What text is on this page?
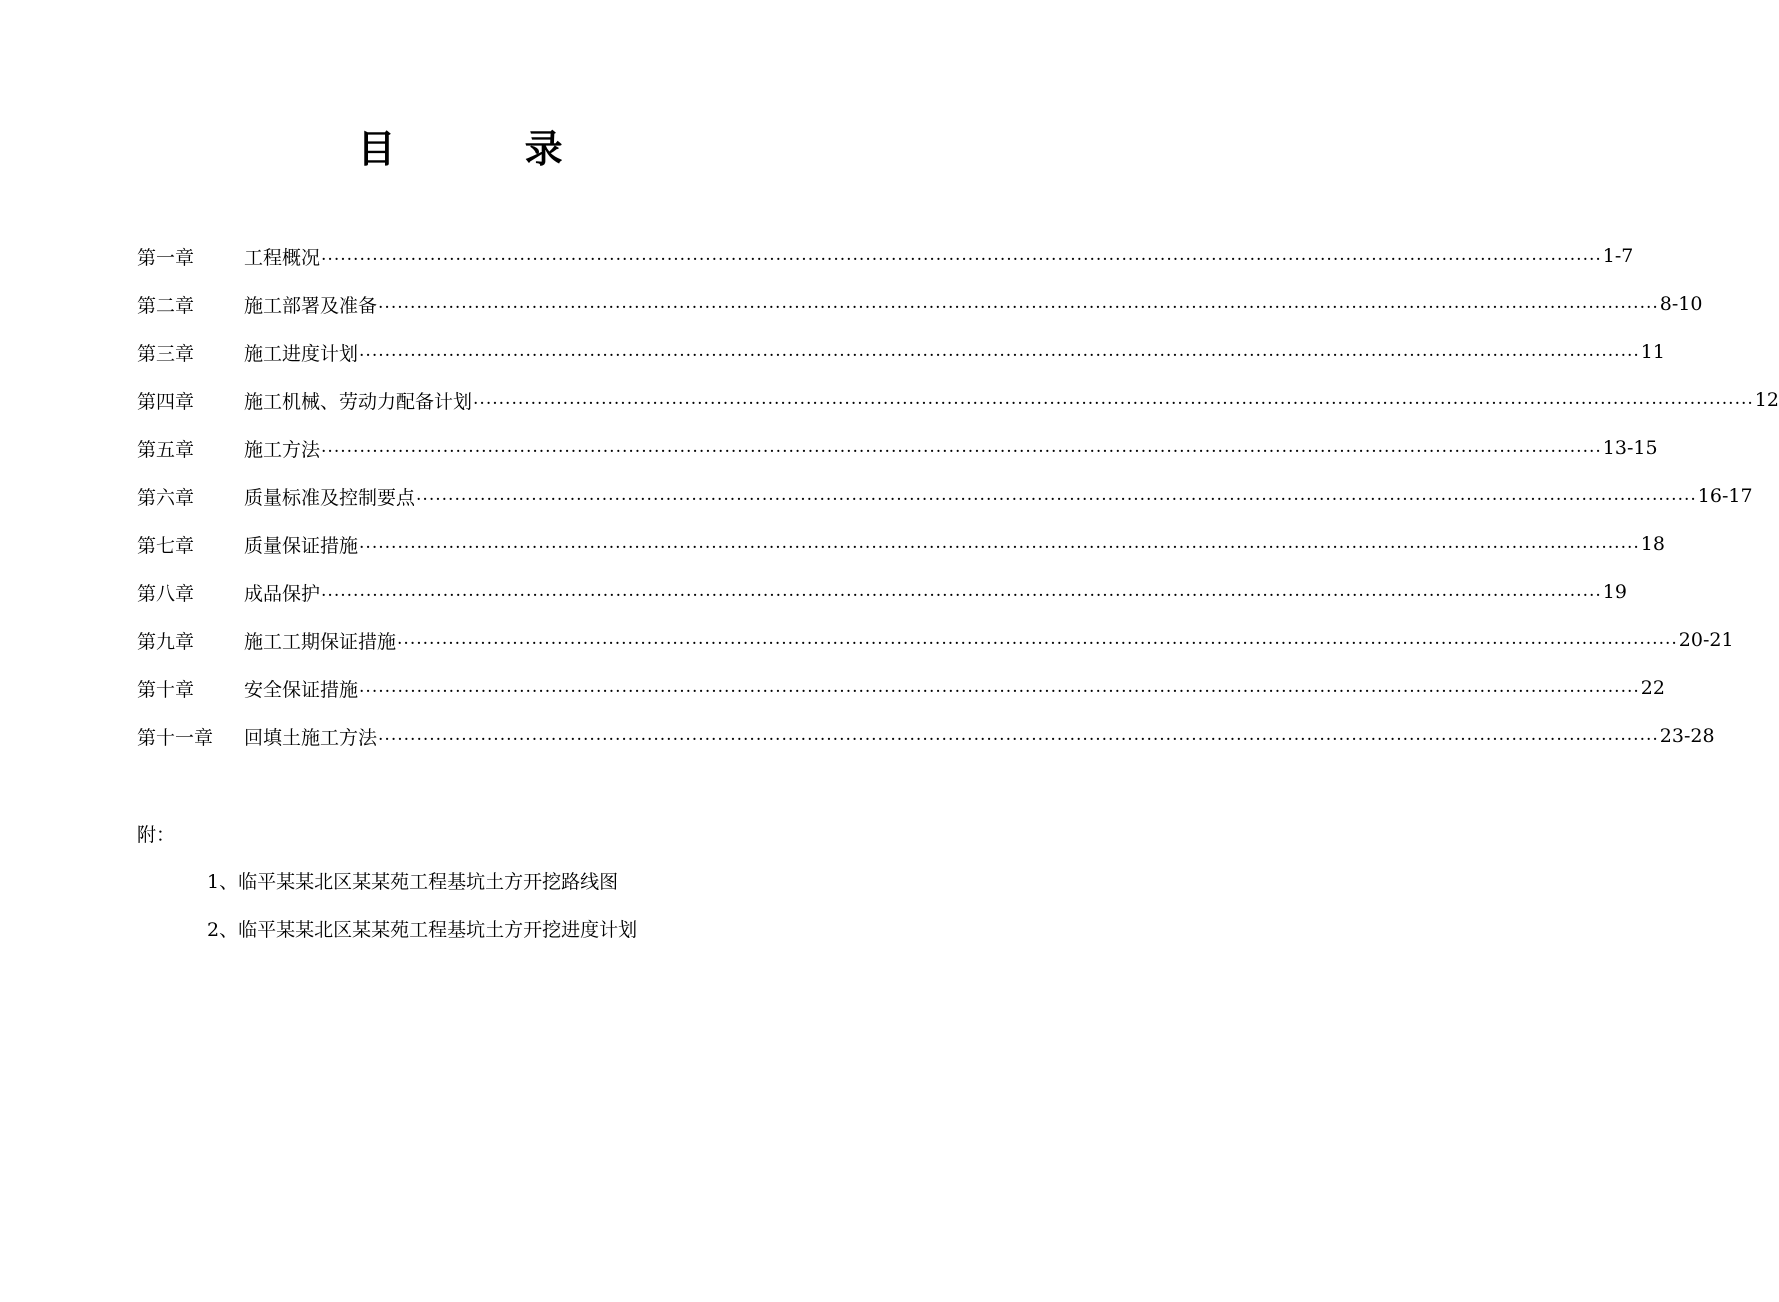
目 录
第一章	工程概况 ........................................................................................................................................................................................................ 1-7
第二章	施工部署及准备 ........................................................................................................................................................................................................ 8-10
第三章	施工进度计划 ........................................................................................................................................................................................................ 11
第四章	施工机械、劳动力配备计划 ........................................................................................................................................................................................................ 12
第五章	施工方法 ........................................................................................................................................................................................................ 13-15
第六章	质量标准及控制要点 ........................................................................................................................................................................................................ 16-17
第七章	质量保证措施 ........................................................................................................................................................................................................ 18
第八章	成品保护 ........................................................................................................................................................................................................ 19
第九章	施工工期保证措施 ........................................................................................................................................................................................................ 20-21
第十章	安全保证措施 ........................................................................................................................................................................................................ 22
第十一章	回填土施工方法 ........................................................................................................................................................................................................ 23-28
附：
1、临平某某北区某某苑工程基坑土方开挖路线图
2、临平某某北区某某苑工程基坑土方开挖进度计划
